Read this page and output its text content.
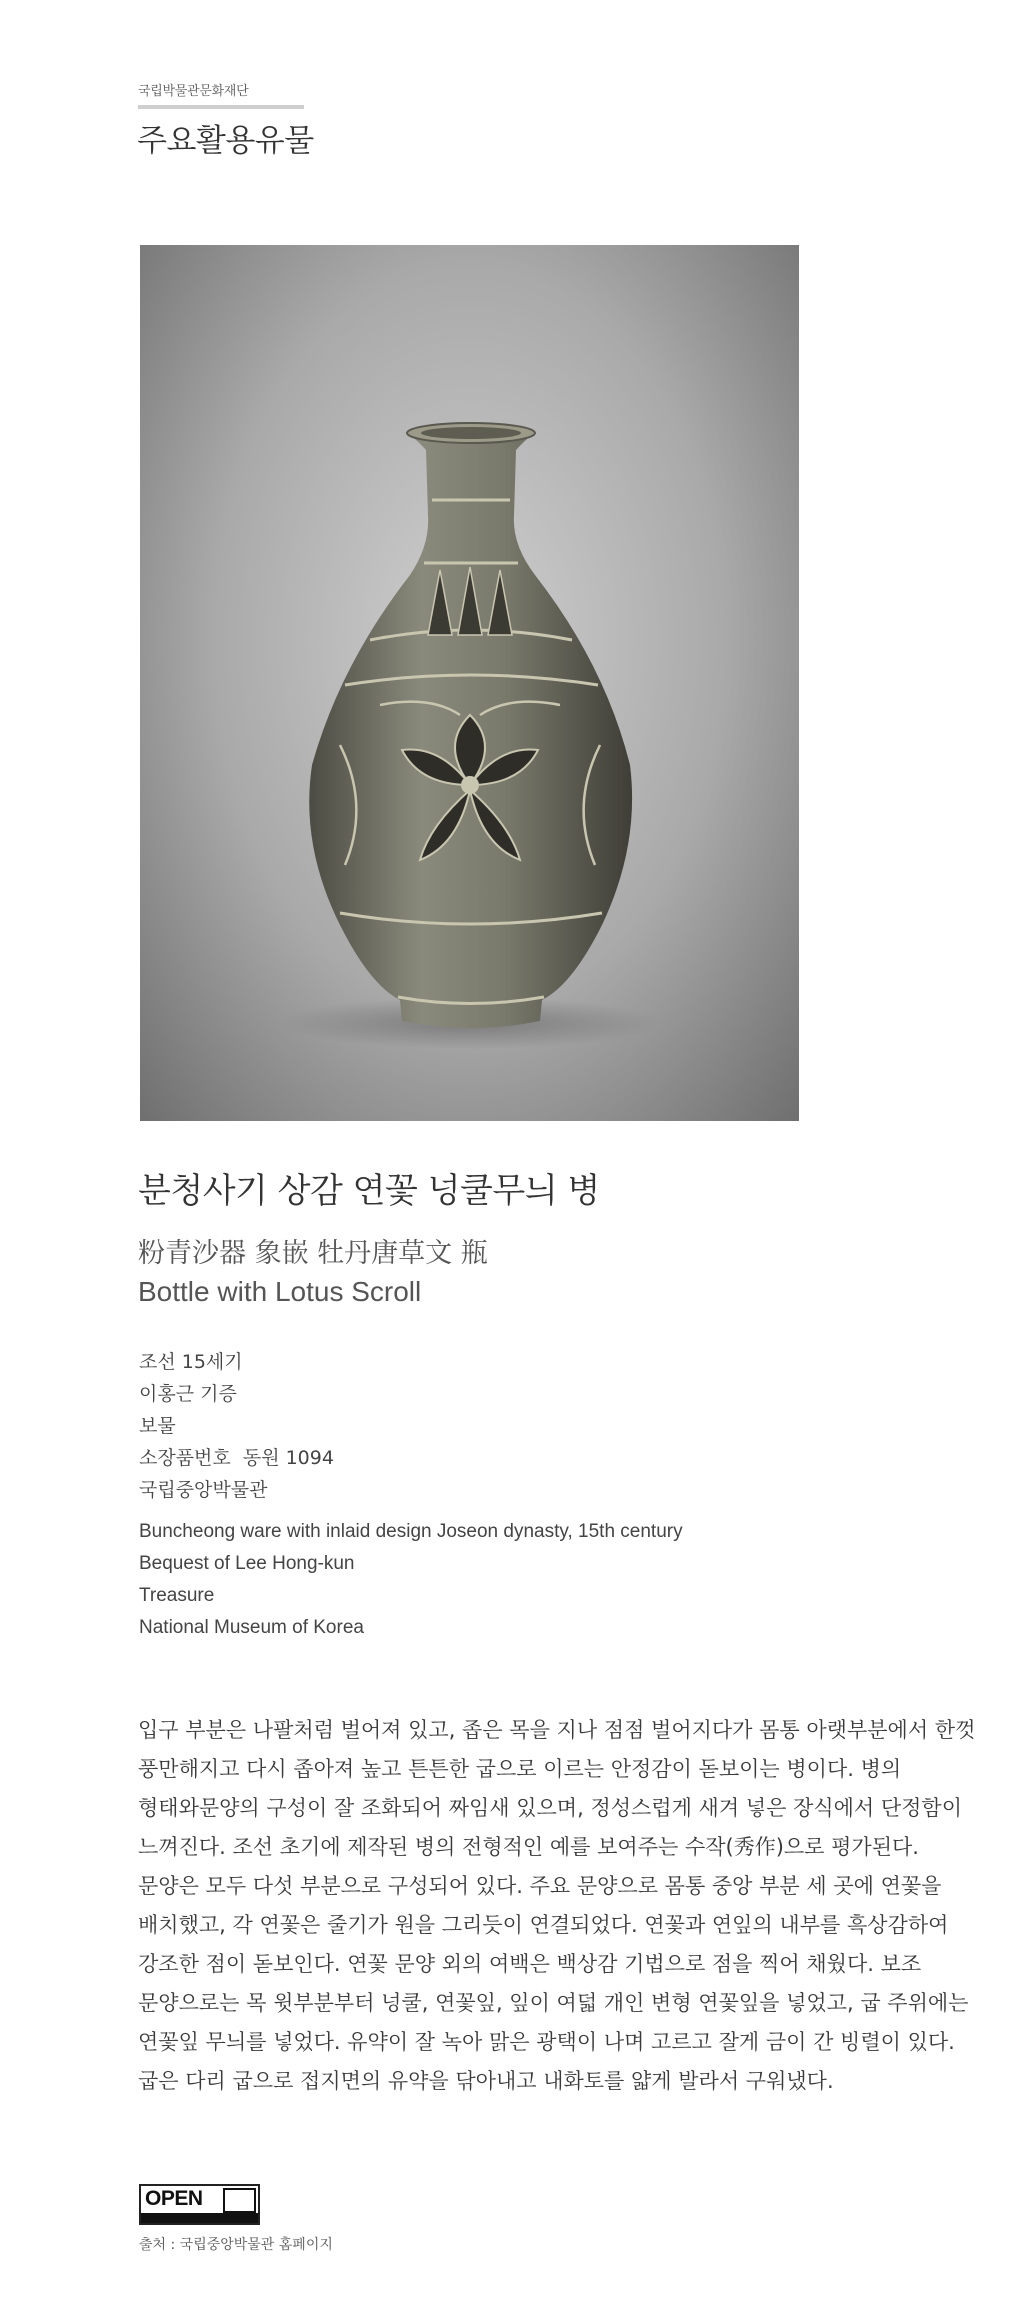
국립박물관문화재단
주요활용유물
분청사기 상감 연꽃 넝쿨무늬 병
粉青沙器 象嵌 牡丹唐草文 瓶
Bottle with Lotus Scroll
조선 15세기
이홍근 기증
보물
소장품번호  동원 1094
국립중앙박물관
Buncheong ware with inlaid design Joseon dynasty, 15th century
Bequest of Lee Hong-kun
Treasure
National Museum of Korea

입구 부분은 나팔처럼 벌어져 있고, 좁은 목을 지나 점점 벌어지다가 몸통 아랫부분에서 한껏 풍만해지고 다시 좁아져 높고 튼튼한 굽으로 이르는 안정감이 돋보이는 병이다. 병의 형태와문양의 구성이 잘 조화되어 짜임새 있으며, 정성스럽게 새겨 넣은 장식에서 단정함이 느껴진다. 조선 초기에 제작된 병의 전형적인 예를 보여주는 수작(秀作)으로 평가된다. 문양은 모두 다섯 부분으로 구성되어 있다. 주요 문양으로 몸통 중앙 부분 세 곳에 연꽃을 배치했고, 각 연꽃은 줄기가 원을 그리듯이 연결되었다. 연꽃과 연잎의 내부를 흑상감하여 강조한 점이 돋보인다. 연꽃 문양 외의 여백은 백상감 기법으로 점을 찍어 채웠다. 보조 문양으로는 목 윗부분부터 넝쿨, 연꽃잎, 잎이 여덟 개인 변형 연꽃잎을 넣었고, 굽 주위에는 연꽃잎 무늬를 넣었다. 유약이 잘 녹아 맑은 광택이 나며 고르고 잘게 금이 간 빙렬이 있다. 굽은 다리 굽으로 접지면의 유약을 닦아내고 내화토를 얇게 발라서 구워냈다.

OPEN
출처 : 국립중앙박물관 홈페이지
